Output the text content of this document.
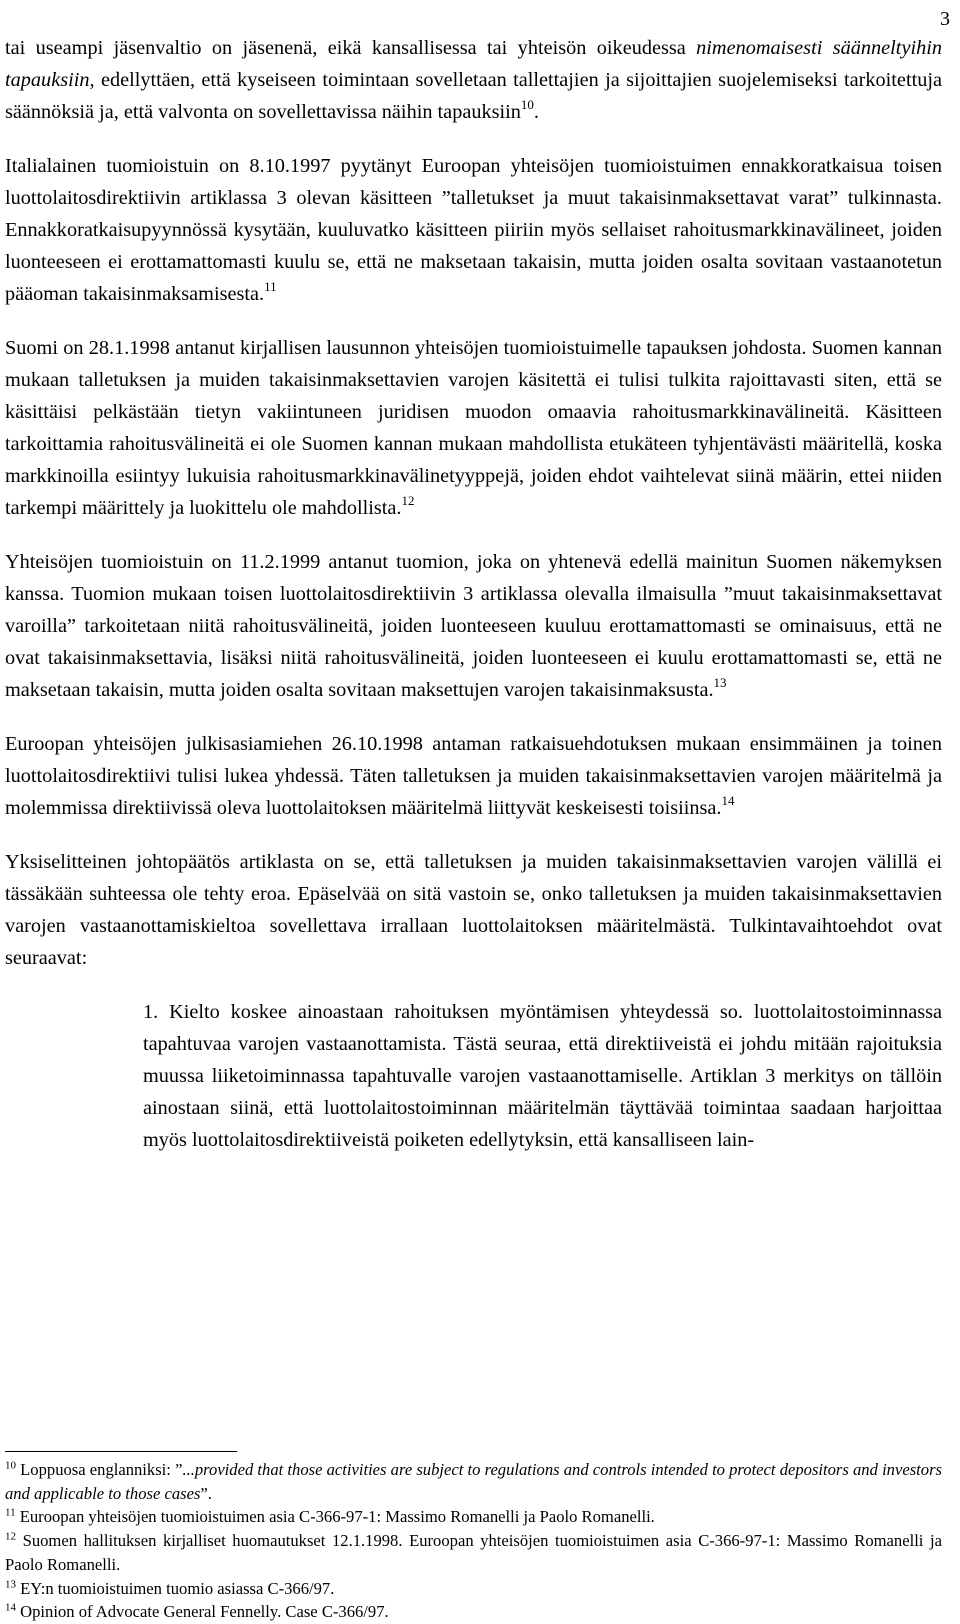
3

tai useampi jäsenvaltio on jäsenenä, eikä kansallisessa tai yhteisön oikeudessa nimenomaisesti säänneltyihin tapauksiin, edellyttäen, että kyseiseen toimintaan sovelletaan tallettajien ja sijoittajien suojelemiseksi tarkoitettuja säännöksiä ja, että valvonta on sovellettavissa näihin tapauksiin$^{10}$.

Italialainen tuomioistuin on 8.10.1997 pyytänyt Euroopan yhteisöjen tuomioistuimen ennakkoratkaisua toisen luottolaitosdirektiivin artiklassa 3 olevan käsitteen ”talletukset ja muut takaisinmaksettavat varat” tulkinnasta. Ennakkoratkaisupyynnössä kysytään, kuuluvatko käsitteen piiriin myös sellaiset rahoitusmarkkinavälineet, joiden luonteeseen ei erottamattomasti kuulu se, että ne maksetaan takaisin, mutta joiden osalta sovitaan vastaanotetun pääoman takaisinmaksamisesta.$^{11}$

Suomi on 28.1.1998 antanut kirjallisen lausunnon yhteisöjen tuomioistuimelle tapauksen johdosta. Suomen kannan mukaan talletuksen ja muiden takaisinmaksettavien varojen käsitettä ei tulisi tulkita rajoittavasti siten, että se käsittäisi pelkästään tietyn vakiintuneen juridisen muodon omaavia rahoitusmarkkinavälineitä. Käsitteen tarkoittamia rahoitusvälineitä ei ole Suomen kannan mukaan mahdollista etukäteen tyhjentävästi määritellä, koska markkinoilla esiintyy lukuisia rahoitusmarkkinavälinetyyppejä, joiden ehdot vaihtelevat siinä määrin, ettei niiden tarkempi määrittely ja luokittelu ole mahdollista.$^{12}$

Yhteisöjen tuomioistuin on 11.2.1999 antanut tuomion, joka on yhtenevä edellä mainitun Suomen näkemyksen kanssa. Tuomion mukaan toisen luottolaitosdirektiivin 3 artiklassa olevalla ilmaisulla ”muut takaisinmaksettavat varoilla” tarkoitetaan niitä rahoitusvälineitä, joiden luonteeseen kuuluu erottamattomasti se ominaisuus, että ne ovat takaisinmaksettavia, lisäksi niitä rahoitusvälineitä, joiden luonteeseen ei kuulu erottamattomasti se, että ne maksetaan takaisin, mutta joiden osalta sovitaan maksettujen varojen takaisinmaksusta.$^{13}$

Euroopan yhteisöjen julkisasiamiehen 26.10.1998 antaman ratkaisuehdotuksen mukaan ensimmäinen ja toinen luottolaitosdirektiivi tulisi lukea yhdessä. Täten talletuksen ja muiden takaisinmaksettavien varojen määritelmä ja molemmissa direktiivissä oleva luottolaitoksen määritelmä liittyvät keskeisesti toisiinsa.$^{14}$

Yksiselitteinen johtopäätös artiklasta on se, että talletuksen ja muiden takaisinmaksettavien varojen välillä ei tässäkään suhteessa ole tehty eroa. Epäselvää on sitä vastoin se, onko talletuksen ja muiden takaisinmaksettavien varojen vastaanottamiskieltoa sovellettava irrallaan luottolaitoksen määritelmästä. Tulkintavaihtoehdot ovat seuraavat:

1. Kielto koskee ainoastaan rahoituksen myöntämisen yhteydessä so. luottolaitostoiminnassa tapahtuvaa varojen vastaanottamista. Tästä seuraa, että direktiiveistä ei johdu mitään rajoituksia muussa liiketoiminnassa tapahtuvalle varojen vastaanottamiselle. Artiklan 3 merkitys on tällöin ainostaan siinä, että luottolaitostoiminnan määritelmän täyttävää toimintaa saadaan harjoittaa myös luottolaitosdirektiiveistä poiketen edellytyksin, että kansalliseen lain-

$^{10}$ Loppuosa englanniksi: ”...provided that those activities are subject to regulations and controls intended to protect depositors and investors and applicable to those cases”.

$^{11}$ Euroopan yhteisöjen tuomioistuimen asia C-366-97-1: Massimo Romanelli ja Paolo Romanelli.

$^{12}$ Suomen hallituksen kirjalliset huomautukset 12.1.1998. Euroopan yhteisöjen tuomioistuimen asia C-366-97-1: Massimo Romanelli ja Paolo Romanelli.

$^{13}$ EY:n tuomioistuimen tuomio asiassa C-366/97.

$^{14}$ Opinion of Advocate General Fennelly. Case C-366/97.
